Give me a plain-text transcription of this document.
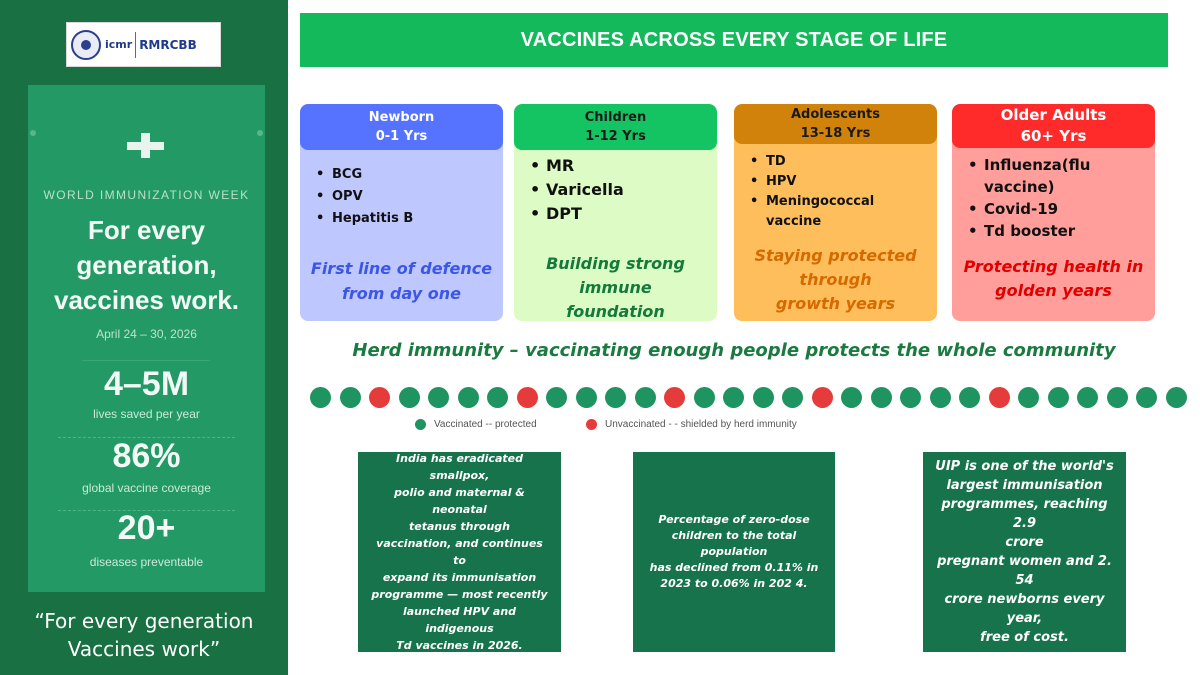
icmr RMRCBB
WORLD IMMUNIZATION WEEK
For every
generation,
vaccines work.
April 24 – 30, 2026
4–5M
lives saved per year
86%
global vaccine coverage
20+
diseases preventable
“For every generation
Vaccines work”
VACCINES ACROSS EVERY STAGE OF LIFE
Newborn
0-1 Yrs
• BCG
• OPV
• Hepatitis B
First line of defence
from day one
Children
1-12 Yrs
• MR
• Varicella
• DPT
Building strong immune
foundation
Adolescents
13-18 Yrs
• TD
• HPV
• Meningococcal
vaccine
Staying protected
through
growth years
Older Adults
60+ Yrs
• Influenza(flu
vaccine)
• Covid-19
• Td booster
Protecting health in
golden years
Herd immunity – vaccinating enough people protects the whole community
Vaccinated -- protected	Unvaccinated - - shielded by herd immunity
India has eradicated smallpox,
polio and maternal & neonatal
tetanus through
vaccination, and continues to
expand its immunisation
programme — most recently
launched HPV and indigenous
Td vaccines in 2026.
Percentage of zero-dose
children to the total population
has declined from 0.11% in
2023 to 0.06% in 202 4.
UIP is one of the world's
largest immunisation
programmes, reaching 2.9
crore
pregnant women and 2. 54
crore newborns every year,
free of cost.
